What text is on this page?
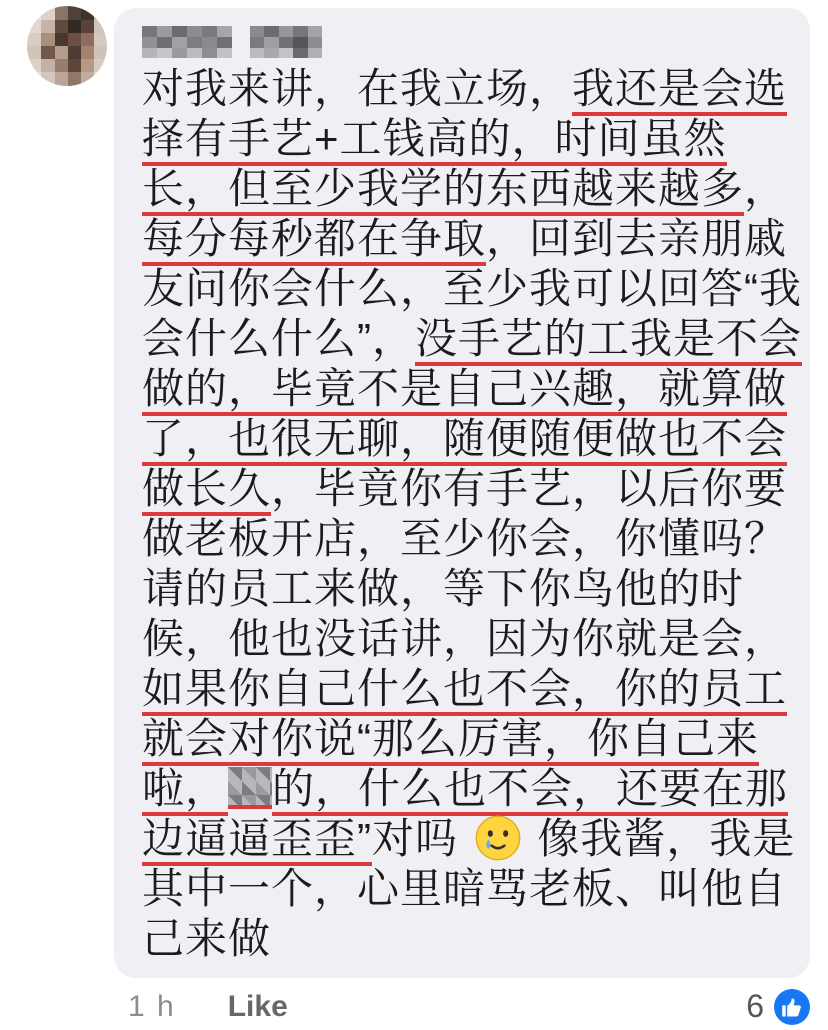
对我来讲，在我立场，我还是会选
择有手艺+工钱高的，时间虽然
长，但至少我学的东西越来越多，
每分每秒都在争取，回到去亲朋戚
友问你会什么，至少我可以回答“我
会什么什么”，没手艺的工我是不会
做的，毕竟不是自己兴趣，就算做
了，也很无聊，随便随便做也不会
做长久，毕竟你有手艺，以后你要
做老板开店，至少你会，你懂吗？
请的员工来做，等下你鸟他的时
候，他也没话讲，因为你就是会，
如果你自己什么也不会，你的员工
就会对你说“那么厉害，你自己来
啦， 的，什么也不会，还要在那
边逼逼歪歪”对吗
像我酱，我是
其中一个，心里暗骂老板、叫他自
己来做
1 h Like	6
